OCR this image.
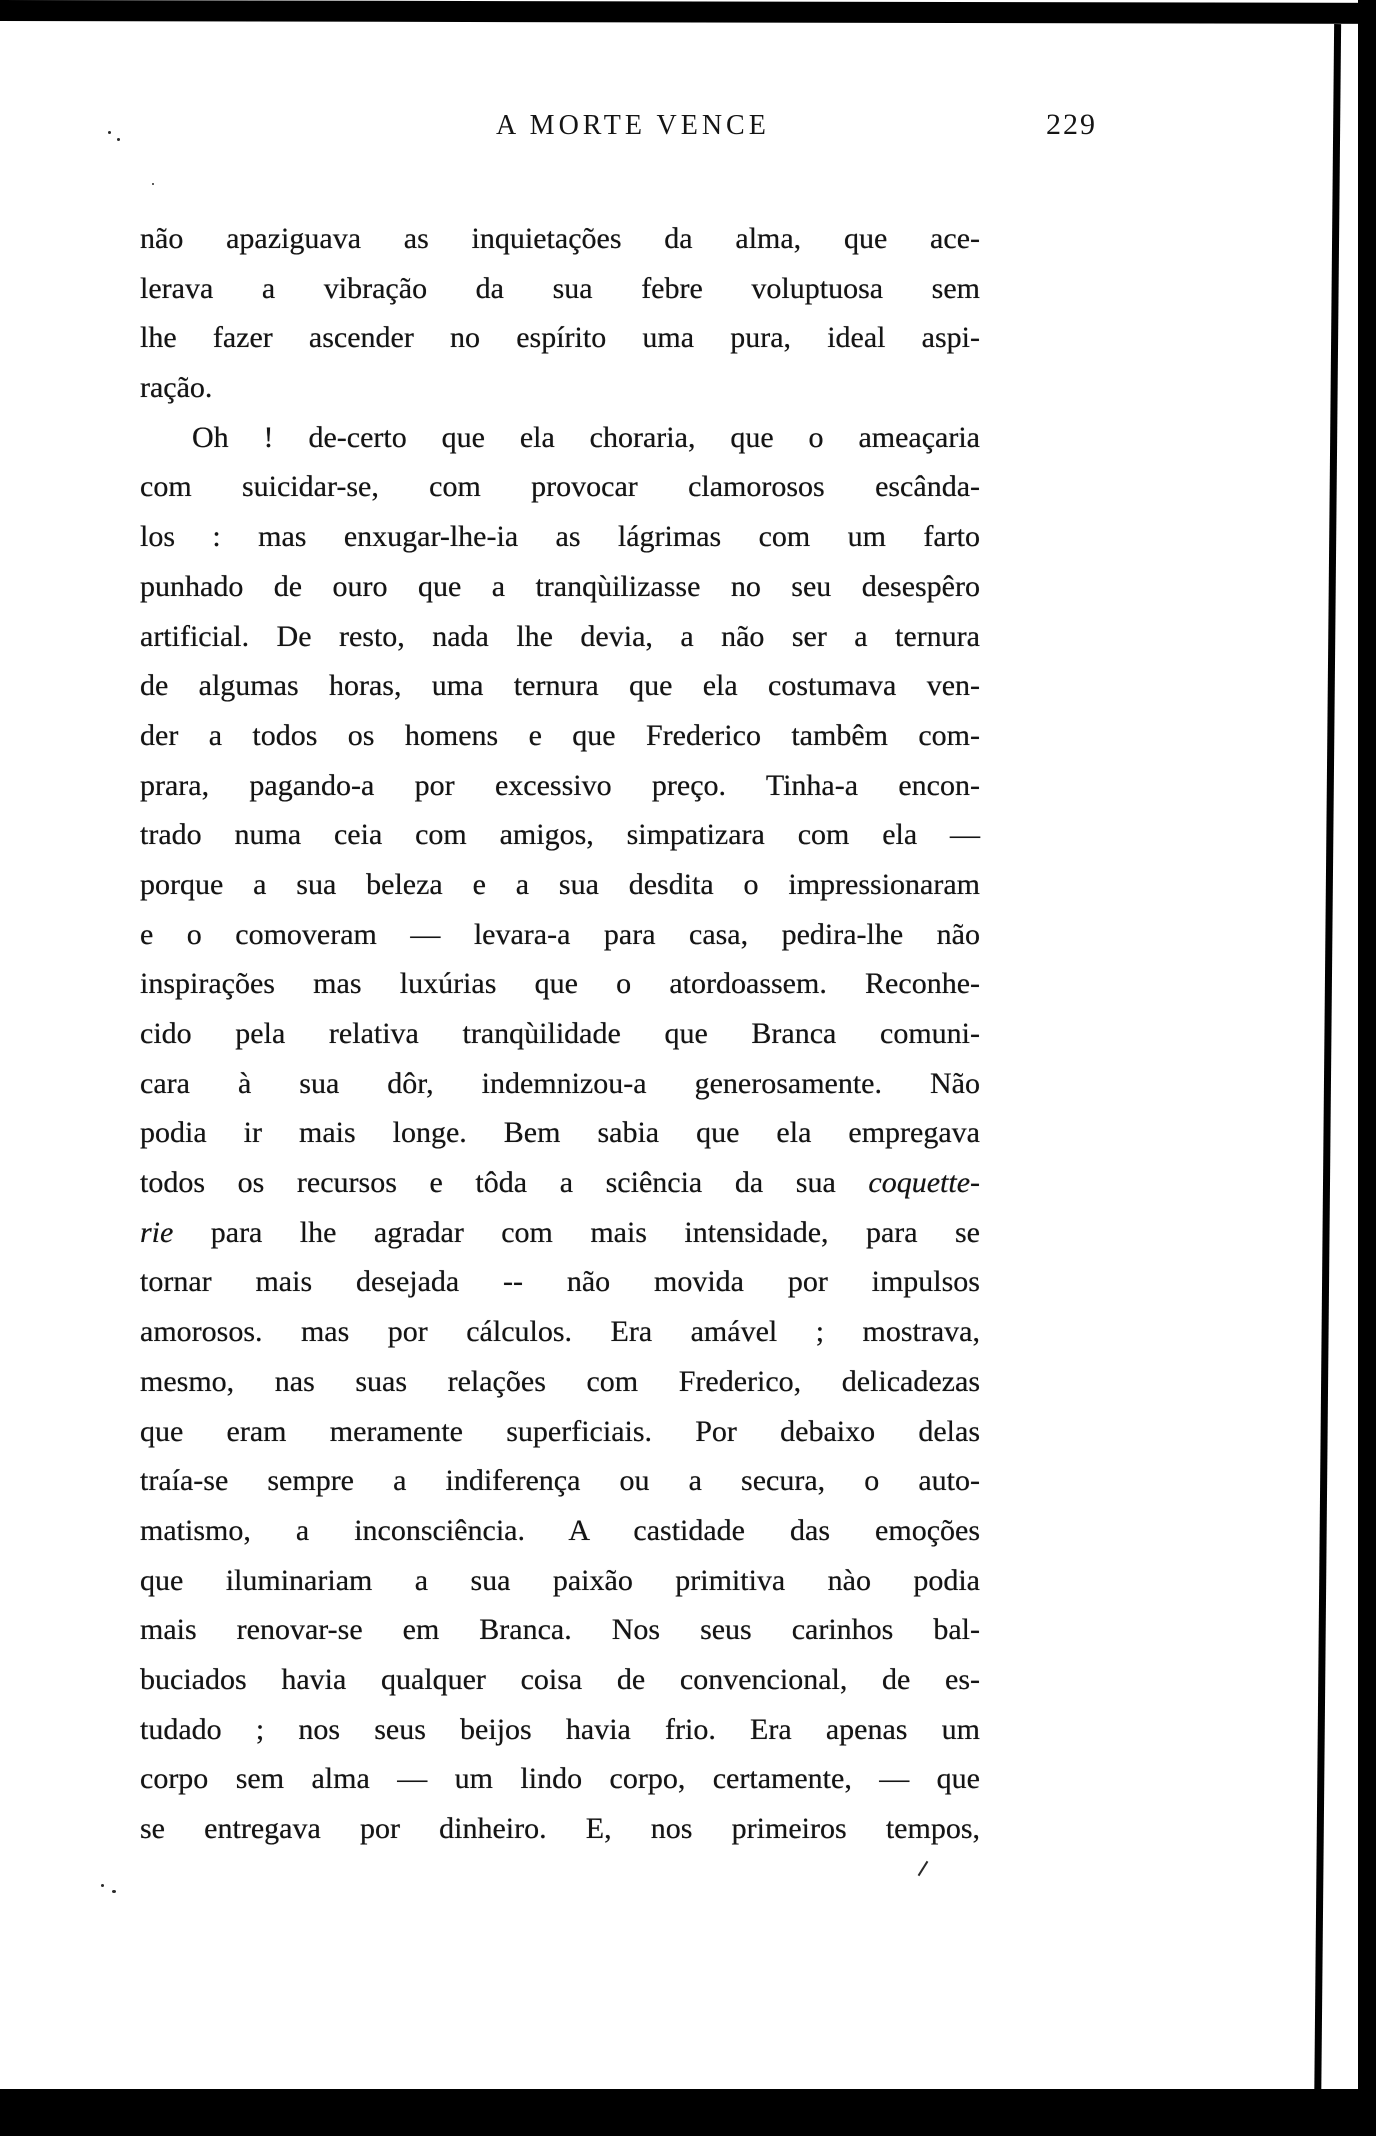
A MORTE VENCE	229
não apaziguava as inquietações da alma, que ace-
lerava a vibração da sua febre voluptuosa sem
lhe fazer ascender no espírito uma pura, ideal aspi-
ração.
Oh ! de-certo que ela choraria, que o ameaçaria
com suicidar-se, com provocar clamorosos escânda-
los : mas enxugar-lhe-ia as lágrimas com um farto
punhado de ouro que a tranqùilizasse no seu desespêro
artificial. De resto, nada lhe devia, a não ser a ternura
de algumas horas, uma ternura que ela costumava ven-
der a todos os homens e que Frederico tambêm com-
prara, pagando-a por excessivo preço. Tinha-a encon-
trado numa ceia com amigos, simpatizara com ela —
porque a sua beleza e a sua desdita o impressionaram
e o comoveram — levara-a para casa, pedira-lhe não
inspirações mas luxúrias que o atordoassem. Reconhe-
cido pela relativa tranqùilidade que Branca comuni-
cara à sua dôr, indemnizou-a generosamente. Não
podia ir mais longe. Bem sabia que ela empregava
todos os recursos e tôda a sciência da sua coquette-
rie para lhe agradar com mais intensidade, para se
tornar mais desejada -- não movida por impulsos
amorosos. mas por cálculos. Era amável ; mostrava,
mesmo, nas suas relações com Frederico, delicadezas
que eram meramente superficiais. Por debaixo delas
traía-se sempre a indiferença ou a secura, o auto-
matismo, a inconsciência. A castidade das emoções
que iluminariam a sua paixão primitiva nào podia
mais renovar-se em Branca. Nos seus carinhos bal-
buciados havia qualquer coisa de convencional, de es-
tudado ; nos seus beijos havia frio. Era apenas um
corpo sem alma — um lindo corpo, certamente, — que
se entregava por dinheiro. E, nos primeiros tempos,
